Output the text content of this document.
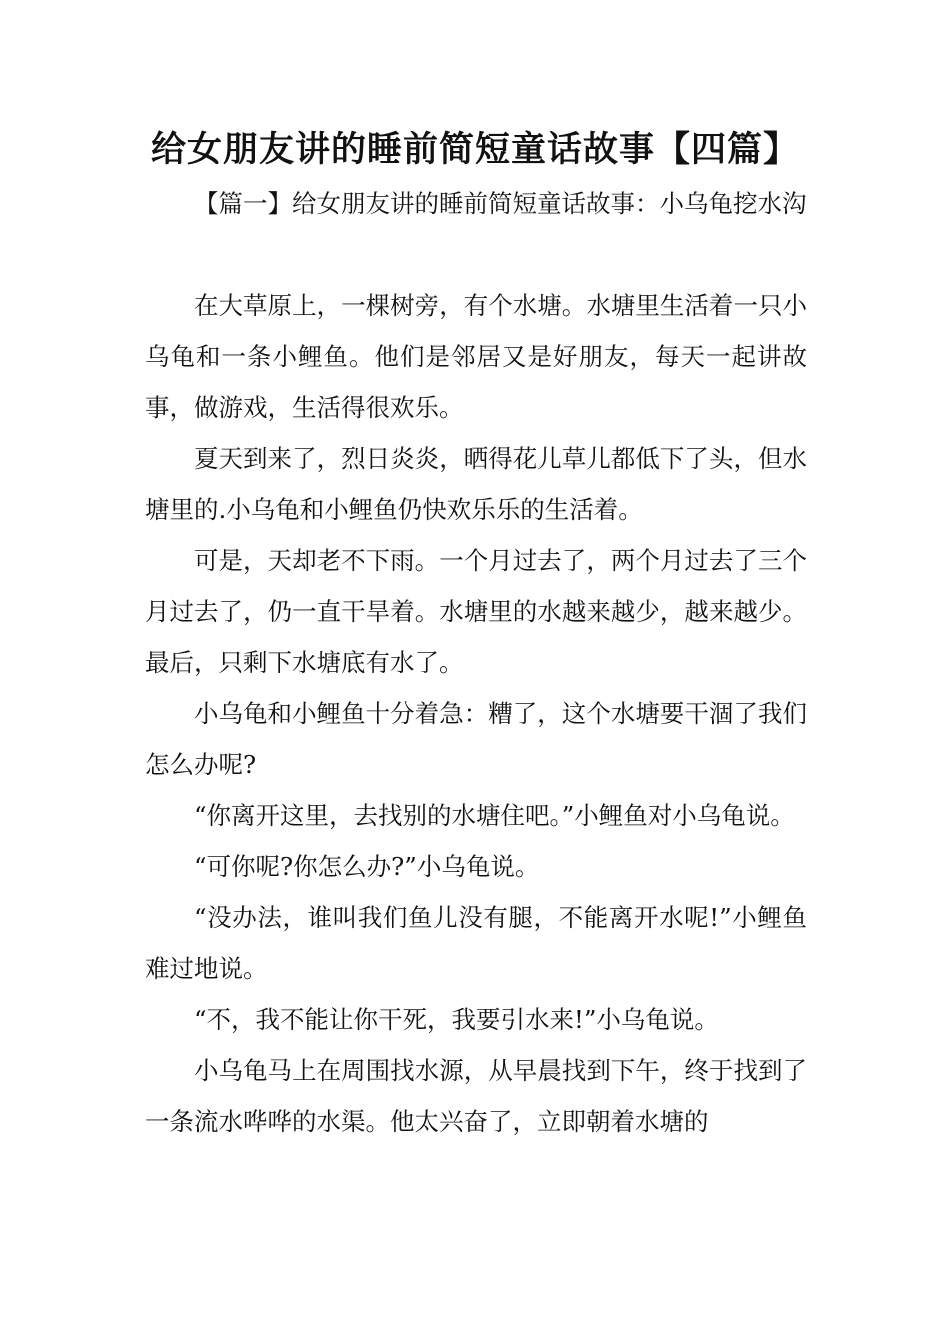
给女朋友讲的睡前简短童话故事【四篇】

【篇一】给女朋友讲的睡前简短童话故事：小乌龟挖水沟

在大草原上，一棵树旁，有个水塘。水塘里生活着一只小乌龟和一条小鲤鱼。他们是邻居又是好朋友，每天一起讲故事，做游戏，生活得很欢乐。

夏天到来了，烈日炎炎，晒得花儿草儿都低下了头，但水塘里的.小乌龟和小鲤鱼仍快欢乐乐的生活着。

可是，天却老不下雨。一个月过去了，两个月过去了三个月过去了，仍一直干旱着。水塘里的水越来越少，越来越少。最后，只剩下水塘底有水了。

小乌龟和小鲤鱼十分着急：糟了，这个水塘要干涸了我们怎么办呢?

“你离开这里，去找别的水塘住吧。”小鲤鱼对小乌龟说。

“可你呢?你怎么办?”小乌龟说。

“没办法，谁叫我们鱼儿没有腿，不能离开水呢!”小鲤鱼难过地说。

“不，我不能让你干死，我要引水来!”小乌龟说。

小乌龟马上在周围找水源，从早晨找到下午，终于找到了一条流水哗哗的水渠。他太兴奋了，立即朝着水塘的
